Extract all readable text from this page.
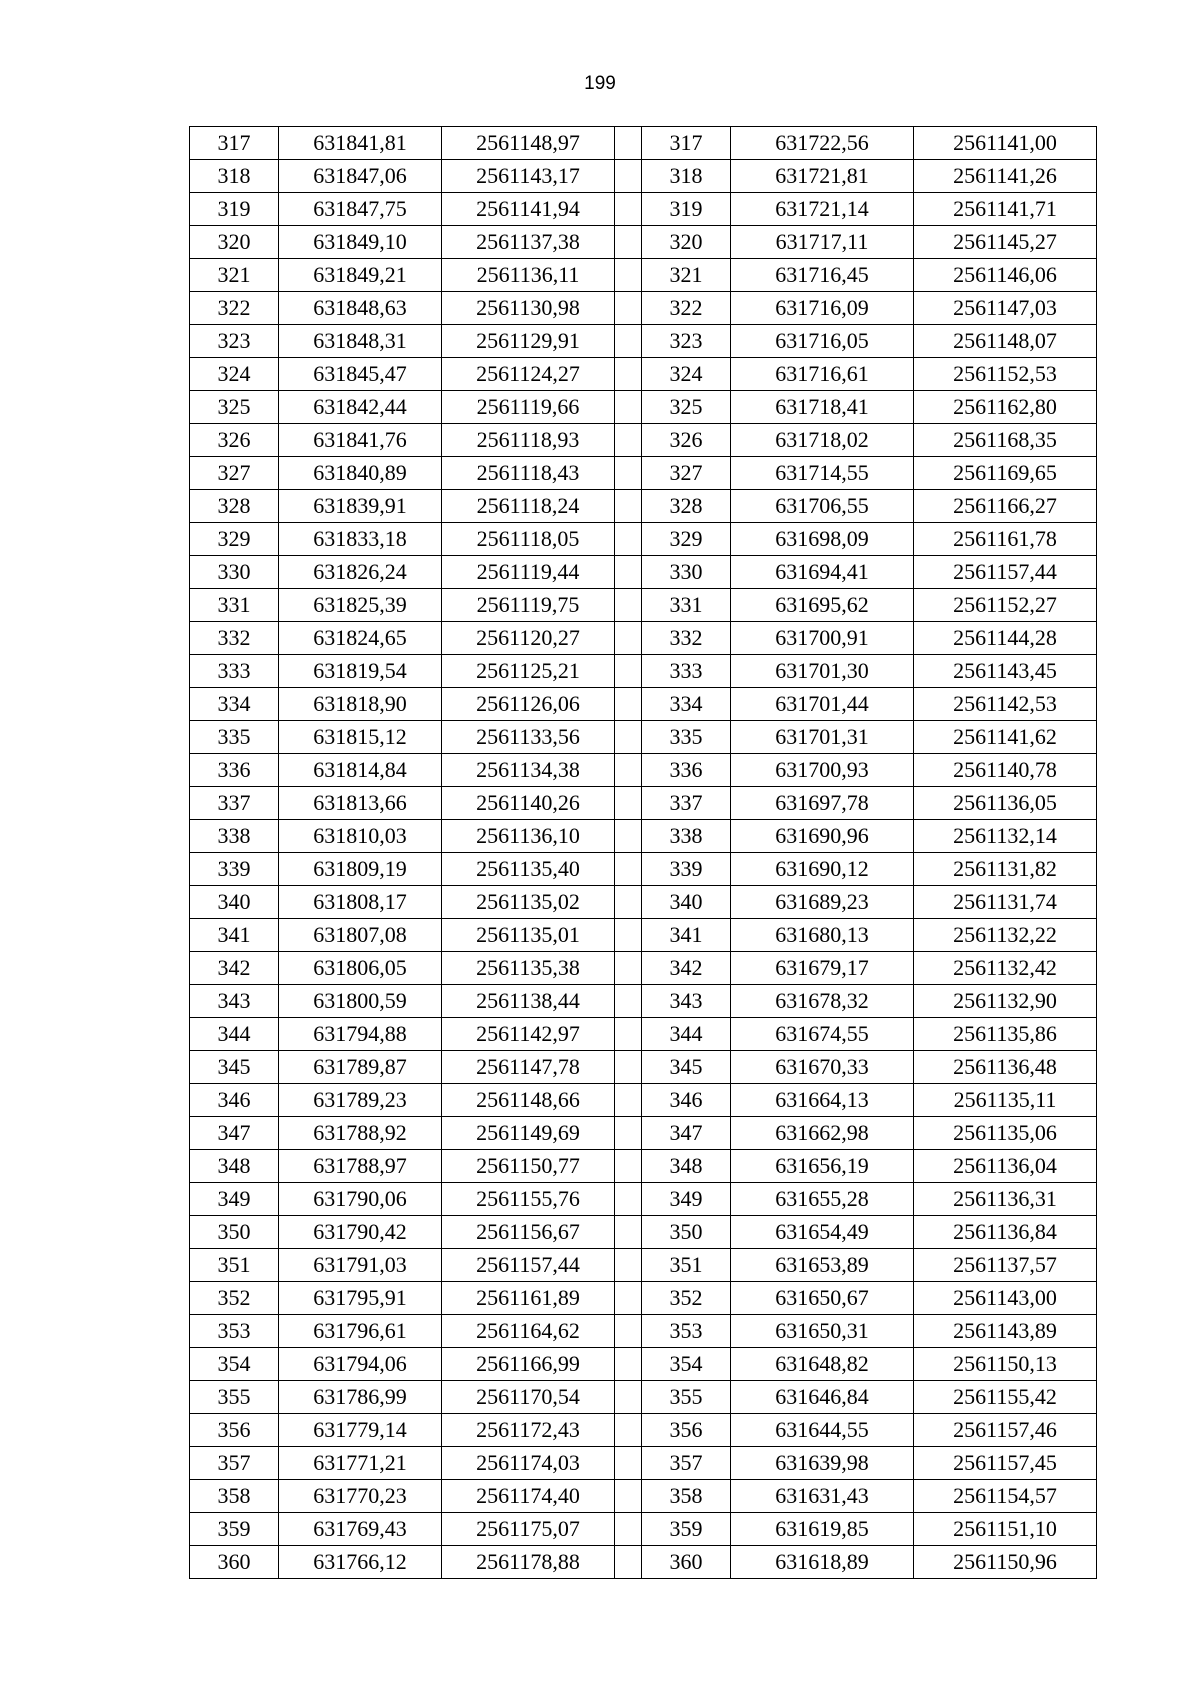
199
317	631841,81	2561148,97		317	631722,56	2561141,00
318	631847,06	2561143,17		318	631721,81	2561141,26
319	631847,75	2561141,94		319	631721,14	2561141,71
320	631849,10	2561137,38		320	631717,11	2561145,27
321	631849,21	2561136,11		321	631716,45	2561146,06
322	631848,63	2561130,98		322	631716,09	2561147,03
323	631848,31	2561129,91		323	631716,05	2561148,07
324	631845,47	2561124,27		324	631716,61	2561152,53
325	631842,44	2561119,66		325	631718,41	2561162,80
326	631841,76	2561118,93		326	631718,02	2561168,35
327	631840,89	2561118,43		327	631714,55	2561169,65
328	631839,91	2561118,24		328	631706,55	2561166,27
329	631833,18	2561118,05		329	631698,09	2561161,78
330	631826,24	2561119,44		330	631694,41	2561157,44
331	631825,39	2561119,75		331	631695,62	2561152,27
332	631824,65	2561120,27		332	631700,91	2561144,28
333	631819,54	2561125,21		333	631701,30	2561143,45
334	631818,90	2561126,06		334	631701,44	2561142,53
335	631815,12	2561133,56		335	631701,31	2561141,62
336	631814,84	2561134,38		336	631700,93	2561140,78
337	631813,66	2561140,26		337	631697,78	2561136,05
338	631810,03	2561136,10		338	631690,96	2561132,14
339	631809,19	2561135,40		339	631690,12	2561131,82
340	631808,17	2561135,02		340	631689,23	2561131,74
341	631807,08	2561135,01		341	631680,13	2561132,22
342	631806,05	2561135,38		342	631679,17	2561132,42
343	631800,59	2561138,44		343	631678,32	2561132,90
344	631794,88	2561142,97		344	631674,55	2561135,86
345	631789,87	2561147,78		345	631670,33	2561136,48
346	631789,23	2561148,66		346	631664,13	2561135,11
347	631788,92	2561149,69		347	631662,98	2561135,06
348	631788,97	2561150,77		348	631656,19	2561136,04
349	631790,06	2561155,76		349	631655,28	2561136,31
350	631790,42	2561156,67		350	631654,49	2561136,84
351	631791,03	2561157,44		351	631653,89	2561137,57
352	631795,91	2561161,89		352	631650,67	2561143,00
353	631796,61	2561164,62		353	631650,31	2561143,89
354	631794,06	2561166,99		354	631648,82	2561150,13
355	631786,99	2561170,54		355	631646,84	2561155,42
356	631779,14	2561172,43		356	631644,55	2561157,46
357	631771,21	2561174,03		357	631639,98	2561157,45
358	631770,23	2561174,40		358	631631,43	2561154,57
359	631769,43	2561175,07		359	631619,85	2561151,10
360	631766,12	2561178,88		360	631618,89	2561150,96
